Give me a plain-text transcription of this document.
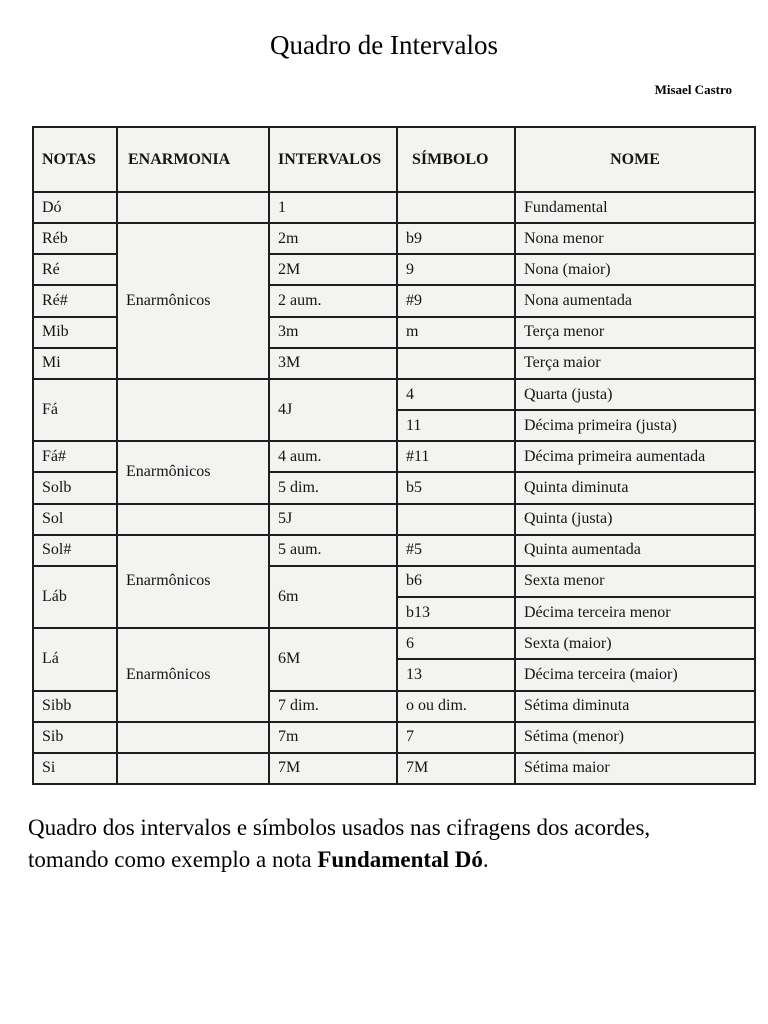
Quadro de Intervalos
Misael Castro
NOTAS	ENARMONIA	INTERVALOS	SÍMBOLO	NOME
Dó		1		Fundamental
Réb	Enarmônicos	2m	b9	Nona menor
Ré		2M	9	Nona (maior)
Ré#		2 aum.	#9	Nona aumentada
Mib		3m	m	Terça menor
Mi		3M		Terça maior
Fá		4J	4	Quarta (justa)
			11	Décima primeira (justa)
Fá#	Enarmônicos	4 aum.	#11	Décima primeira aumentada
Solb		5 dim.	b5	Quinta diminuta
Sol		5J		Quinta (justa)
Sol#	Enarmônicos	5 aum.	#5	Quinta aumentada
Láb		6m	b6	Sexta menor
			b13	Décima terceira menor
Lá	Enarmônicos	6M	6	Sexta (maior)
			13	Décima terceira (maior)
Sibb		7 dim.	o ou dim.	Sétima diminuta
Sib		7m	7	Sétima (menor)
Si		7M	7M	Sétima maior
Quadro dos intervalos e símbolos usados nas cifragens dos acordes,
tomando como exemplo a nota Fundamental Dó.
